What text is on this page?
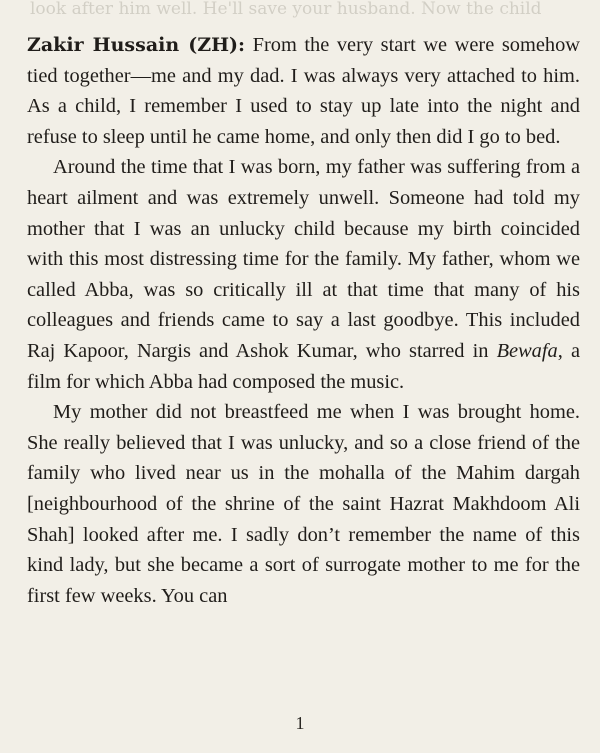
look after him well. He'll save your husband. Now the child

Zakir Hussain (ZH): From the very start we were somehow tied together—me and my dad. I was always very attached to him. As a child, I remember I used to stay up late into the night and refuse to sleep until he came home, and only then did I go to bed.

Around the time that I was born, my father was suffering from a heart ailment and was extremely unwell. Someone had told my mother that I was an unlucky child because my birth coincided with this most distressing time for the family. My father, whom we called Abba, was so critically ill at that time that many of his colleagues and friends came to say a last goodbye. This included Raj Kapoor, Nargis and Ashok Kumar, who starred in Bewafa, a film for which Abba had composed the music.

My mother did not breastfeed me when I was brought home. She really believed that I was unlucky, and so a close friend of the family who lived near us in the mohalla of the Mahim dargah [neighbourhood of the shrine of the saint Hazrat Makhdoom Ali Shah] looked after me. I sadly don’t remember the name of this kind lady, but she became a sort of surrogate mother to me for the first few weeks. You can

1
